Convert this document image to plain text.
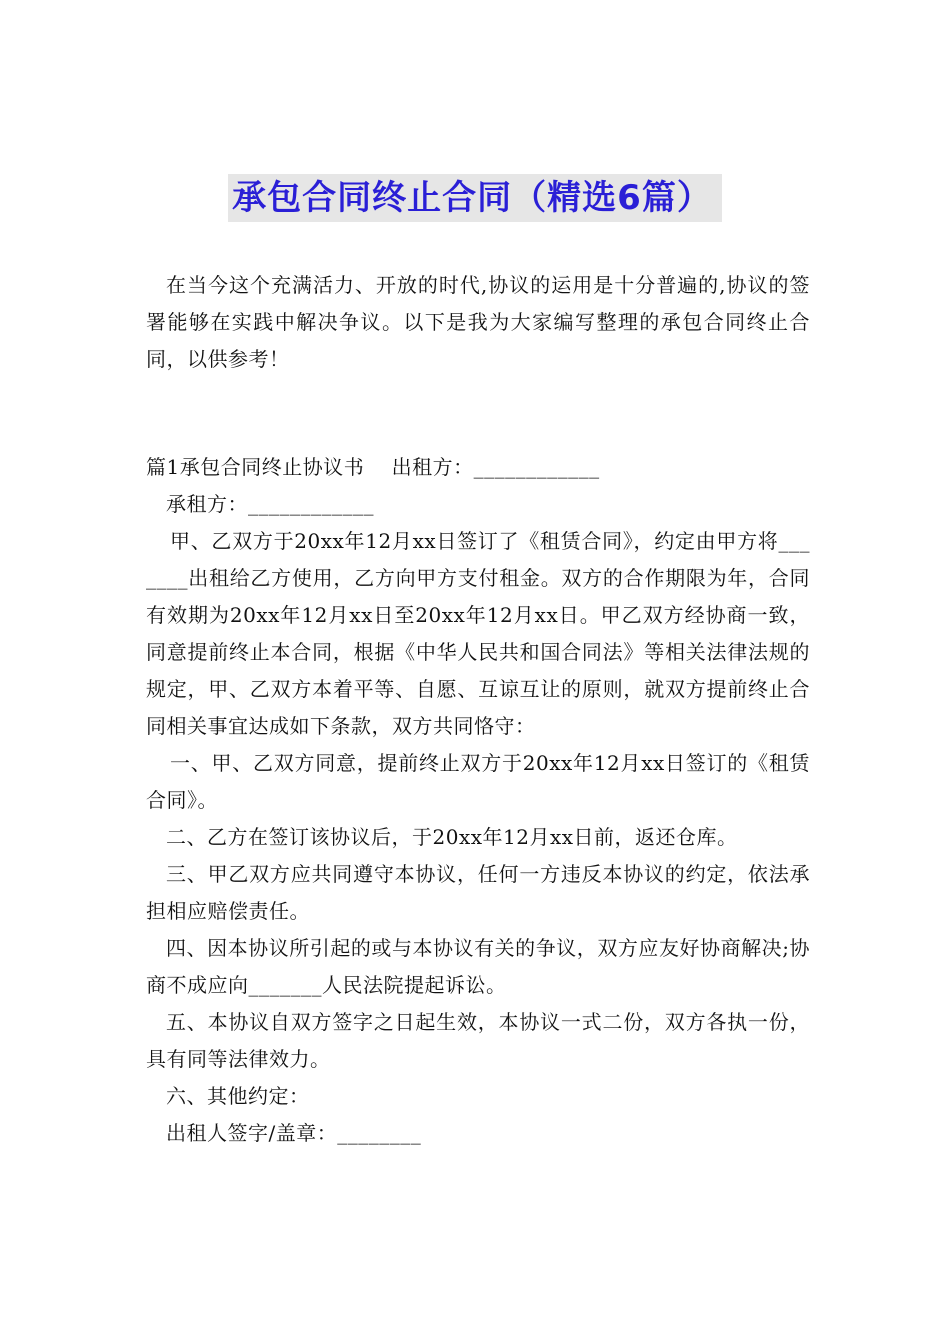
承包合同终止合同（精选6篇）

在当今这个充满活力、开放的时代,协议的运用是十分普遍的,协议的签署能够在实践中解决争议。以下是我为大家编写整理的承包合同终止合同，以供参考！

篇1承包合同终止协议书 出租方：____________

承租方：____________

甲、乙双方于20xx年12月xx日签订了《租赁合同》，约定由甲方将_______出租给乙方使用，乙方向甲方支付租金。双方的合作期限为年，合同有效期为20xx年12月xx日至20xx年12月xx日。甲乙双方经协商一致，同意提前终止本合同，根据《中华人民共和国合同法》等相关法律法规的规定，甲、乙双方本着平等、自愿、互谅互让的原则，就双方提前终止合同相关事宜达成如下条款，双方共同恪守：

一、甲、乙双方同意，提前终止双方于20xx年12月xx日签订的《租赁合同》。

二、乙方在签订该协议后，于20xx年12月xx日前，返还仓库。

三、甲乙双方应共同遵守本协议，任何一方违反本协议的约定，依法承担相应赔偿责任。

四、因本协议所引起的或与本协议有关的争议，双方应友好协商解决;协商不成应向_______人民法院提起诉讼。

五、本协议自双方签字之日起生效，本协议一式二份，双方各执一份，具有同等法律效力。

六、其他约定：

出租人签字/盖章：________
